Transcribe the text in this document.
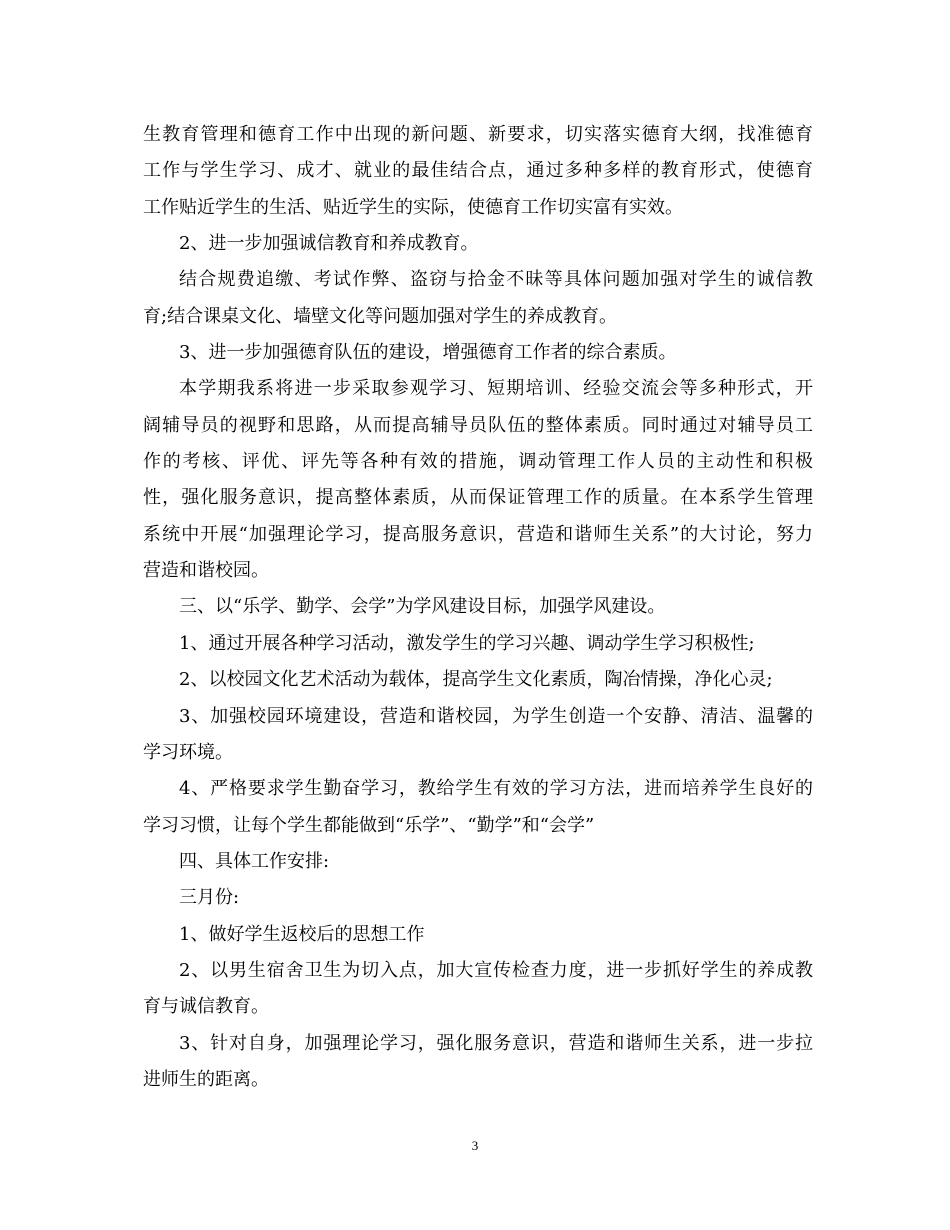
生教育管理和德育工作中出现的新问题、新要求，切实落实德育大纲，找准德育
工作与学生学习、成才、就业的最佳结合点，通过多种多样的教育形式，使德育
工作贴近学生的生活、贴近学生的实际，使德育工作切实富有实效。
2、进一步加强诚信教育和养成教育。
结合规费追缴、考试作弊、盗窃与拾金不昧等具体问题加强对学生的诚信教
育;结合课桌文化、墙壁文化等问题加强对学生的养成教育。
3、进一步加强德育队伍的建设，增强德育工作者的综合素质。
本学期我系将进一步采取参观学习、短期培训、经验交流会等多种形式，开
阔辅导员的视野和思路，从而提高辅导员队伍的整体素质。同时通过对辅导员工
作的考核、评优、评先等各种有效的措施，调动管理工作人员的主动性和积极
性，强化服务意识，提高整体素质，从而保证管理工作的质量。在本系学生管理
系统中开展“加强理论学习，提高服务意识，营造和谐师生关系”的大讨论，努力
营造和谐校园。
三、以“乐学、勤学、会学”为学风建设目标，加强学风建设。
1、通过开展各种学习活动，激发学生的学习兴趣、调动学生学习积极性;
2、以校园文化艺术活动为载体，提高学生文化素质，陶冶情操，净化心灵;
3、加强校园环境建设，营造和谐校园，为学生创造一个安静、清洁、温馨的
学习环境。
4、严格要求学生勤奋学习，教给学生有效的学习方法，进而培养学生良好的
学习习惯，让每个学生都能做到“乐学”、“勤学”和“会学”
四、具体工作安排:
三月份:
1、做好学生返校后的思想工作
2、以男生宿舍卫生为切入点，加大宣传检查力度，进一步抓好学生的养成教
育与诚信教育。
3、针对自身，加强理论学习，强化服务意识，营造和谐师生关系，进一步拉
进师生的距离。
3
